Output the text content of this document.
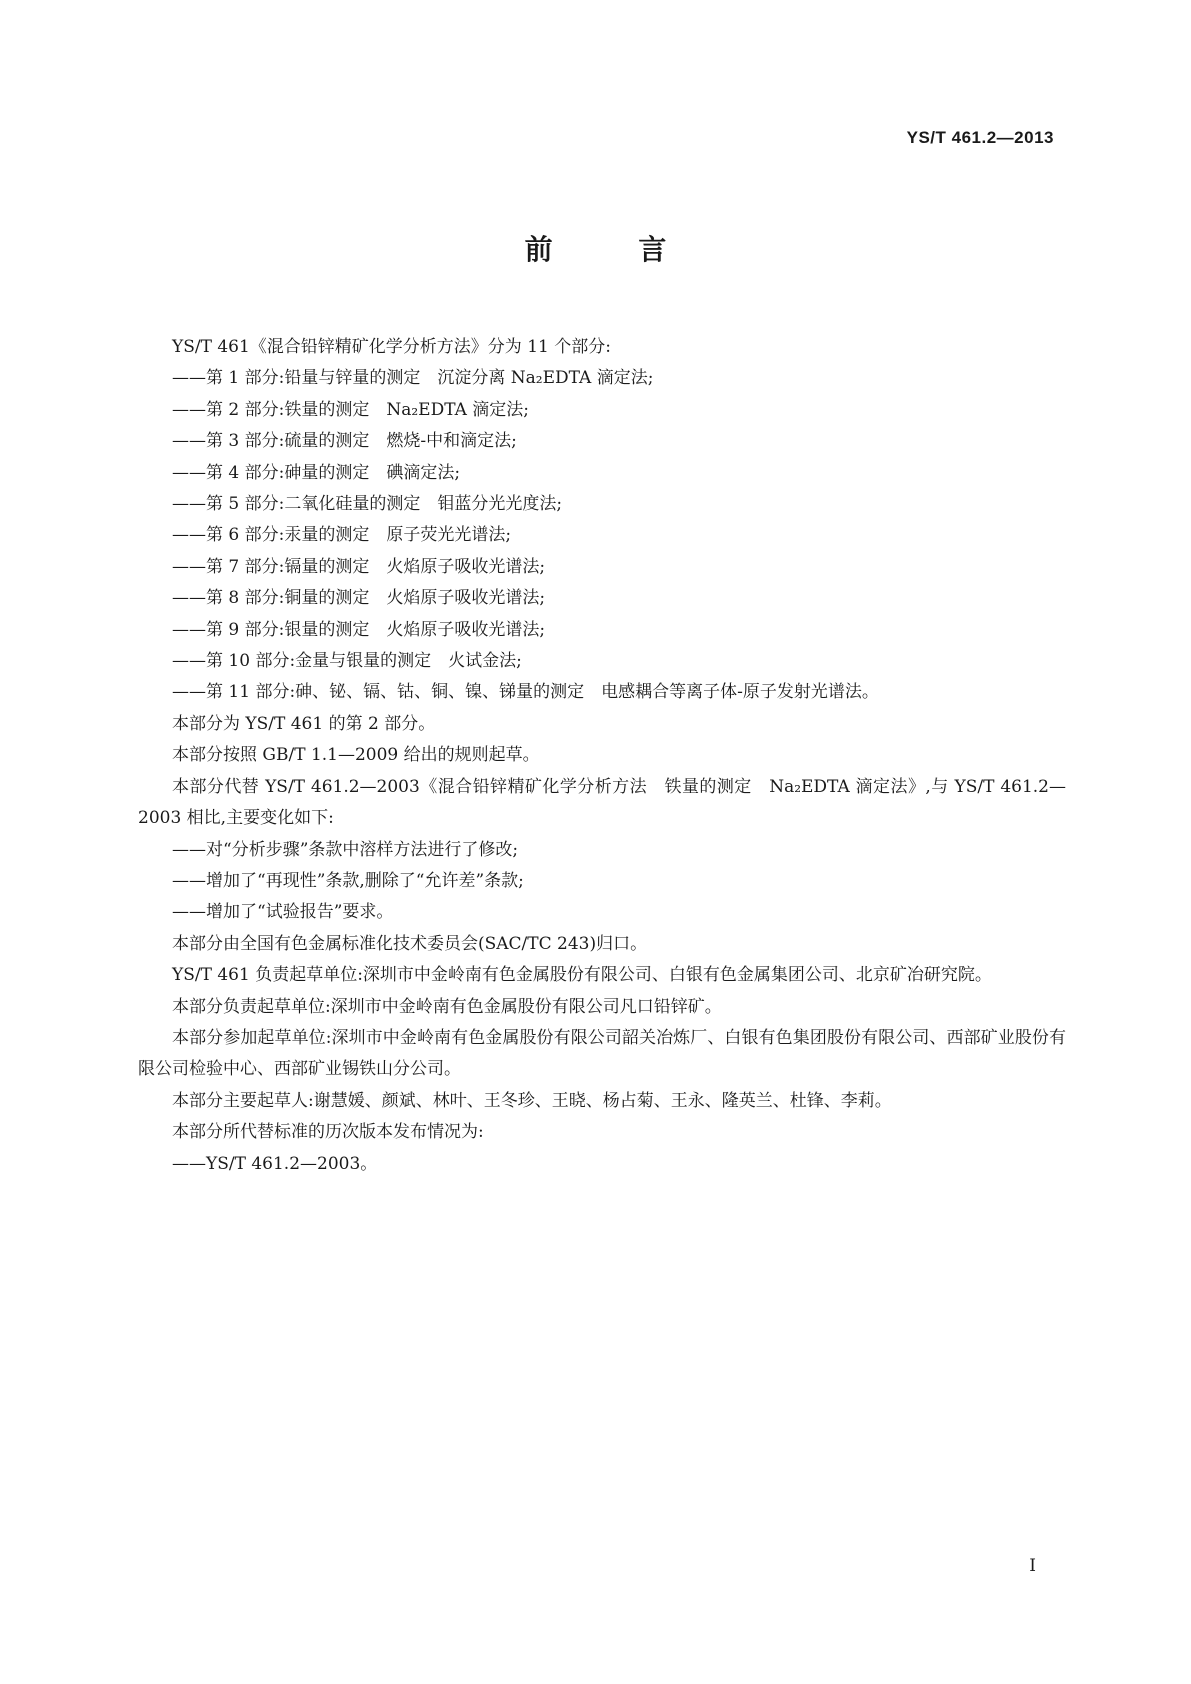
YS/T 461.2—2013
前 言

YS/T 461《混合铅锌精矿化学分析方法》分为 11 个部分:

——第 1 部分:铅量与锌量的测定　沉淀分离 Na₂EDTA 滴定法;

——第 2 部分:铁量的测定　Na₂EDTA 滴定法;

——第 3 部分:硫量的测定　燃烧-中和滴定法;

——第 4 部分:砷量的测定　碘滴定法;

——第 5 部分:二氧化硅量的测定　钼蓝分光光度法;

——第 6 部分:汞量的测定　原子荧光光谱法;

——第 7 部分:镉量的测定　火焰原子吸收光谱法;

——第 8 部分:铜量的测定　火焰原子吸收光谱法;

——第 9 部分:银量的测定　火焰原子吸收光谱法;

——第 10 部分:金量与银量的测定　火试金法;

——第 11 部分:砷、铋、镉、钴、铜、镍、锑量的测定　电感耦合等离子体-原子发射光谱法。

本部分为 YS/T 461 的第 2 部分。

本部分按照 GB/T 1.1—2009 给出的规则起草。

本部分代替 YS/T 461.2—2003《混合铅锌精矿化学分析方法　铁量的测定　Na₂EDTA 滴定法》,与 YS/T 461.2—2003 相比,主要变化如下:

——对“分析步骤”条款中溶样方法进行了修改;

——增加了“再现性”条款,删除了“允许差”条款;

——增加了“试验报告”要求。

本部分由全国有色金属标准化技术委员会(SAC/TC 243)归口。

YS/T 461 负责起草单位:深圳市中金岭南有色金属股份有限公司、白银有色金属集团公司、北京矿冶研究院。

本部分负责起草单位:深圳市中金岭南有色金属股份有限公司凡口铅锌矿。

本部分参加起草单位:深圳市中金岭南有色金属股份有限公司韶关冶炼厂、白银有色集团股份有限公司、西部矿业股份有限公司检验中心、西部矿业锡铁山分公司。

本部分主要起草人:谢慧媛、颜斌、林叶、王冬珍、王晓、杨占菊、王永、隆英兰、杜锋、李莉。

本部分所代替标准的历次版本发布情况为:

——YS/T 461.2—2003。

I
